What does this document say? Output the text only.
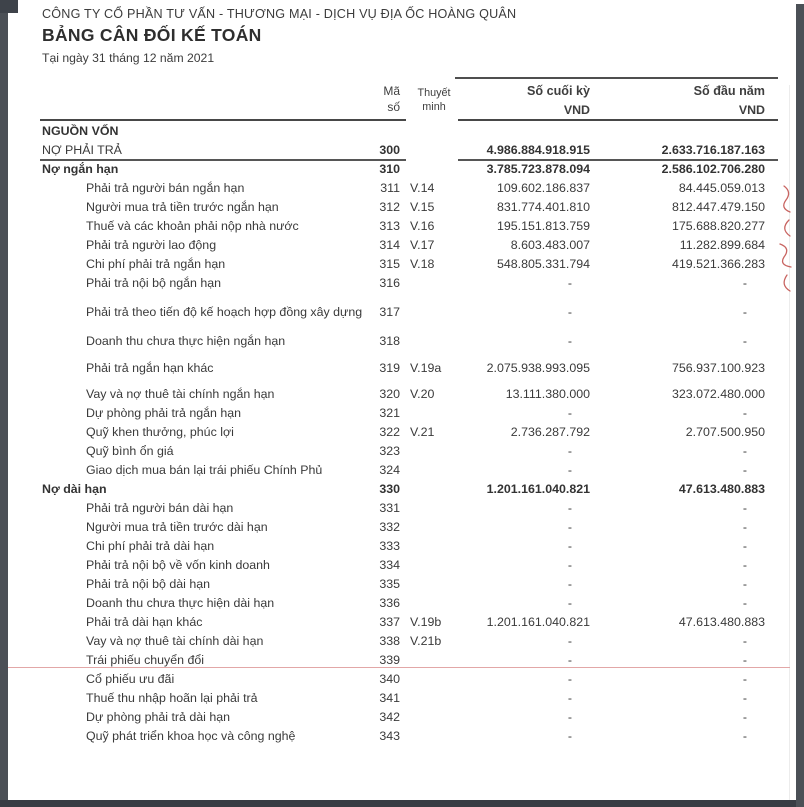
CÔNG TY CỔ PHẦN TƯ VẤN - THƯƠNG MẠI - DỊCH VỤ ĐỊA ỐC HOÀNG QUÂN
BẢNG CÂN ĐỐI KẾ TOÁN
Tại ngày 31 tháng 12 năm 2021
Mã
số
Thuyết
minh
Số cuối kỳ
VND
Số đầu năm
VND
NGUỒN VỐN
NỢ PHẢI TRẢ	300	4.986.884.918.915	2.633.716.187.163
Nợ ngắn hạn	310	3.785.723.878.094	2.586.102.706.280
Phải trả người bán ngắn hạn	311 V.14	109.602.186.837	84.445.059.013
Người mua trả tiền trước ngắn hạn	312 V.15	831.774.401.810	812.447.479.150
Thuế và các khoản phải nộp nhà nước	313 V.16	195.151.813.759	175.688.820.277
Phải trả người lao động	314 V.17	8.603.483.007	11.282.899.684
Chi phí phải trả ngắn hạn	315 V.18	548.805.331.794	419.521.366.283
Phải trả nội bộ ngắn hạn	316	-	-
Phải trả theo tiến độ kế hoạch hợp đồng xây dựng	317	-	-
Doanh thu chưa thực hiện ngắn hạn	318	-	-
Phải trả ngắn hạn khác	319 V.19a	2.075.938.993.095	756.937.100.923
Vay và nợ thuê tài chính ngắn hạn	320 V.20	13.111.380.000	323.072.480.000
Dự phòng phải trả ngắn hạn	321	-	-
Quỹ khen thưởng, phúc lợi	322 V.21	2.736.287.792	2.707.500.950
Quỹ bình ổn giá	323	-	-
Giao dịch mua bán lại trái phiếu Chính Phủ	324	-	-
Nợ dài hạn	330	1.201.161.040.821	47.613.480.883
Phải trả người bán dài hạn	331	-	-
Người mua trả tiền trước dài hạn	332	-	-
Chi phí phải trả dài hạn	333	-	-
Phải trả nội bộ về vốn kinh doanh	334	-	-
Phải trả nội bộ dài hạn	335	-	-
Doanh thu chưa thực hiện dài hạn	336	-	-
Phải trả dài hạn khác	337 V.19b	1.201.161.040.821	47.613.480.883
Vay và nợ thuê tài chính dài hạn	338 V.21b	-	-
Trái phiếu chuyển đổi	339	-	-
Cổ phiếu ưu đãi	340	-	-
Thuế thu nhập hoãn lại phải trả	341	-	-
Dự phòng phải trả dài hạn	342	-	-
Quỹ phát triển khoa học và công nghệ	343	-	-
